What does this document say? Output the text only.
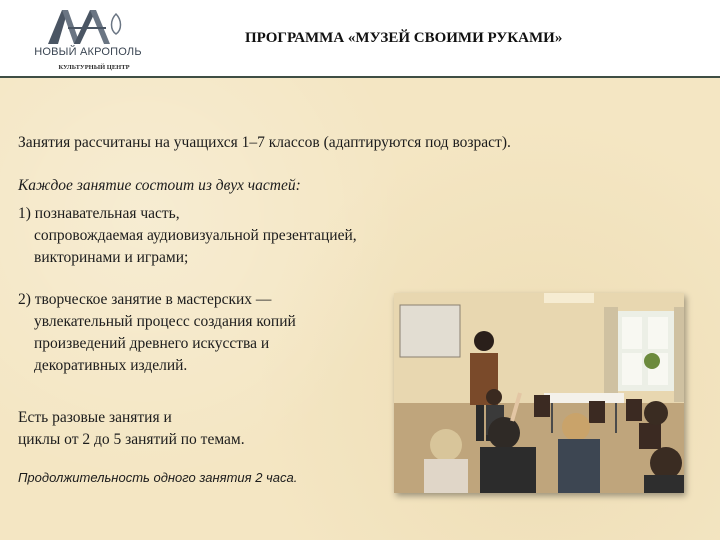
НОВЫЙ АКРОПОЛЬ
КУЛЬТУРНЫЙ ЦЕНТР
ПРОГРАММА «МУЗЕЙ СВОИМИ РУКАМИ»

Занятия рассчитаны на учащихся 1–7 классов (адаптируются под возраст).

Каждое занятие состоит из двух частей:

1) познавательная часть,

сопровождаемая аудиовизуальной презентацией,

викторинами и играми;

2) творческое занятие в мастерских —

увлекательный процесс создания копий

произведений древнего искусства и

декоративных изделий.

Есть разовые занятия и

циклы от 2 до 5 занятий по темам.

Продолжительность одного занятия 2 часа.
